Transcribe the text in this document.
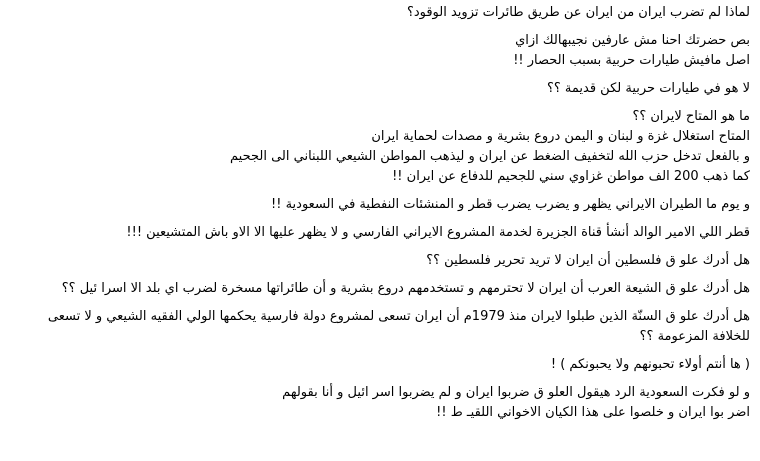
لماذا لم تضرب ايران من ايران عن طريق طائرات تزويد الوقود؟
بص حضرتك احنا مش عارفين نجيبهالك ازاي
اصل مافيش طيارات حربية بسبب الحصار !!
لا هو في طيارات حربية لكن قديمة ؟؟
ما هو المتاح لايران ؟؟
المتاح استغلال غزة و لبنان و اليمن دروع بشرية و مصدات لحماية ايران
و بالفعل تدخل حزب الله لتخفيف الضغط عن ايران و ليذهب المواطن الشيعي اللبناني الى الجحيم
كما ذهب 200 الف مواطن غزاوي سني للجحيم للدفاع عن ايران !!
و يوم ما الطيران الايراني يظهر و يضرب يضرب قطر و المنشئات النفطية في السعودية !!
قطر اللي الامير الوالد أنشأ قناة الجزيرة لخدمة المشروع الايراني الفارسي و لا يظهر عليها الا الاو باش المتشيعين !!!
هل أدرك علو ق فلسطين أن ايران لا تريد تحرير فلسطين ؟؟
هل أدرك علو ق الشيعة العرب أن ايران لا تحترمهم و تستخدمهم دروع بشرية و أن طائراتها مسخرة لضرب اي بلد الا اسرا ئيل ؟؟
هل أدرك علو ق السنّة الذين طبلوا لايران منذ 1979م أن ايران تسعى لمشروع دولة فارسية يحكمها الولي الفقيه الشيعي و لا تسعى للخلافة المزعومة ؟؟
( ها أنتم أولاء تحبونهم ولا يحبونكم ) !
و لو فكرت السعودية الرد هيقول العلو ق ضربوا ايران و لم يضربوا اسر ائيل و أنا بقولهم
اضر بوا ايران و خلصوا على هذا الكيان الاخواني اللقيـ ط !!
